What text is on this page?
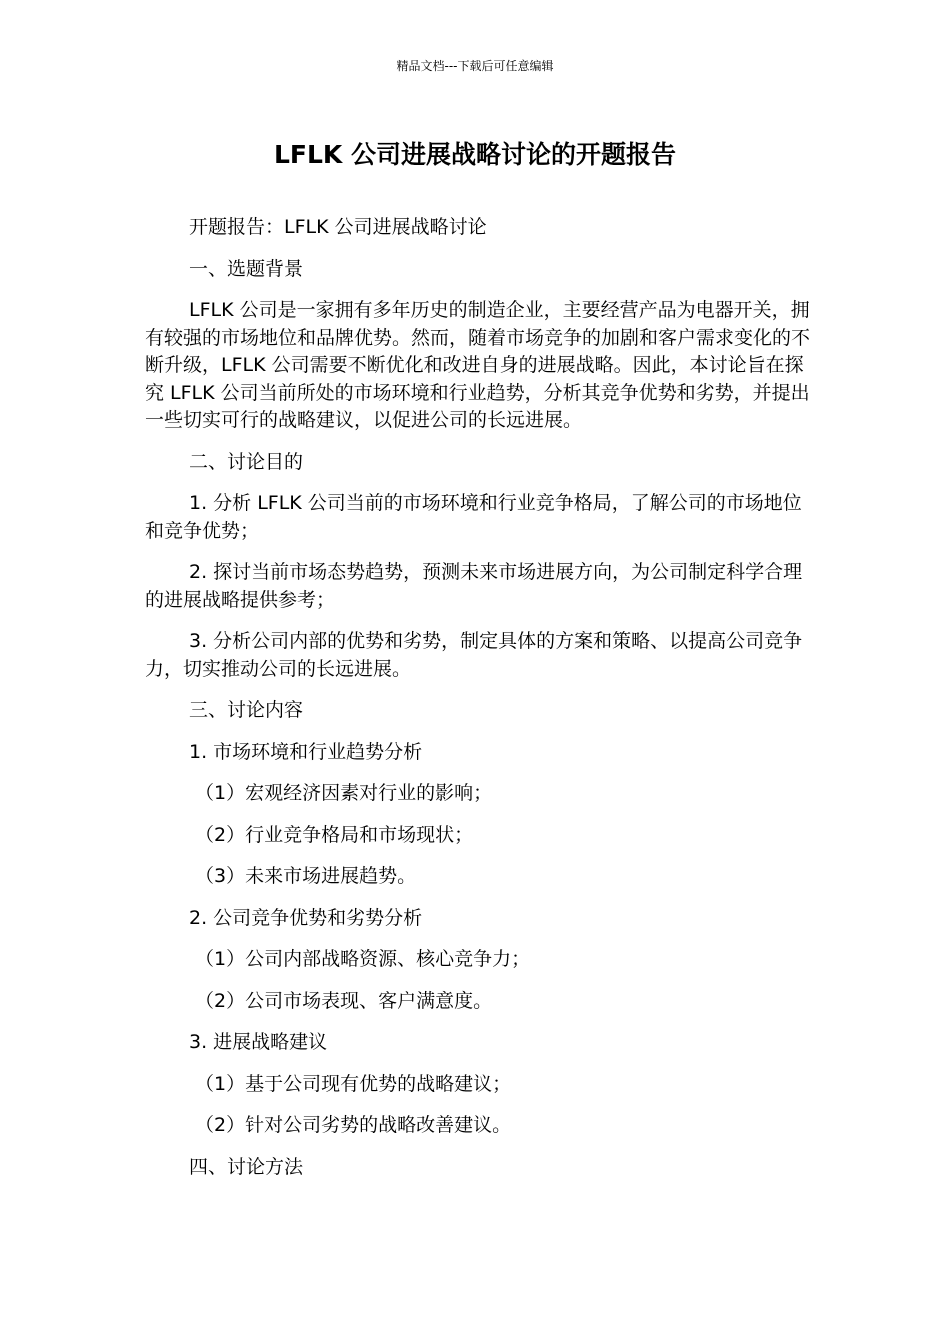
精品文档---下载后可任意编辑
LFLK 公司进展战略讨论的开题报告

开题报告：LFLK 公司进展战略讨论

一、选题背景

LFLK 公司是一家拥有多年历史的制造企业，主要经营产品为电器开关，拥有较强的市场地位和品牌优势。然而，随着市场竞争的加剧和客户需求变化的不断升级，LFLK 公司需要不断优化和改进自身的进展战略。因此，本讨论旨在探究 LFLK 公司当前所处的市场环境和行业趋势，分析其竞争优势和劣势，并提出一些切实可行的战略建议，以促进公司的长远进展。

二、讨论目的

1. 分析 LFLK 公司当前的市场环境和行业竞争格局，了解公司的市场地位和竞争优势；

2. 探讨当前市场态势趋势，预测未来市场进展方向，为公司制定科学合理的进展战略提供参考；

3. 分析公司内部的优势和劣势，制定具体的方案和策略、以提高公司竞争力，切实推动公司的长远进展。

三、讨论内容

1. 市场环境和行业趋势分析

（1）宏观经济因素对行业的影响；

（2）行业竞争格局和市场现状；

（3）未来市场进展趋势。

2. 公司竞争优势和劣势分析

（1）公司内部战略资源、核心竞争力；

（2）公司市场表现、客户满意度。

3. 进展战略建议

（1）基于公司现有优势的战略建议；

（2）针对公司劣势的战略改善建议。

四、讨论方法
